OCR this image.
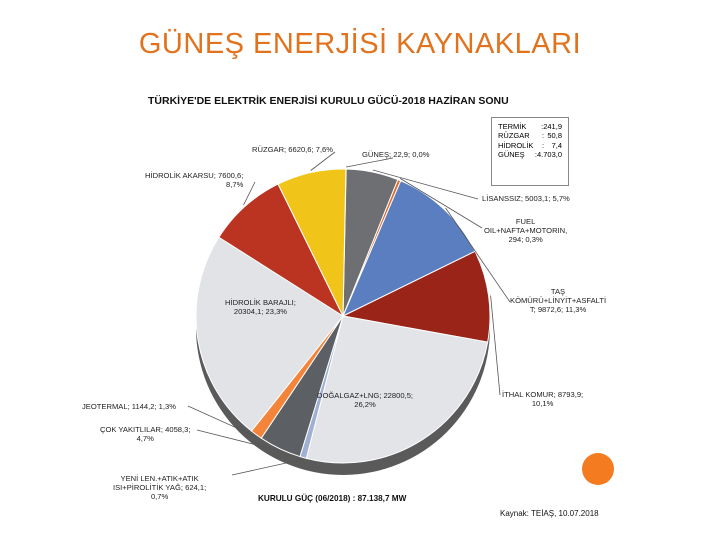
GÜNEŞ ENERJİSİ KAYNAKLARI
TÜRKİYE'DE ELEKTRİK ENERJİSİ KURULU GÜCÜ-2018 HAZİRAN SONU
GÜNEŞ; 22,9; 0,0%
LİSANSSIZ; 5003,1; 5,7%
FUEL
OIL+NAFTA+MOTORIN,
294; 0,3%
TAŞ
KÖMÜRÜ+LİNYİT+ASFALTİ
T; 9872,6; 11,3%
İTHAL KOMUR; 8793,9;
10,1%
DOĞALGAZ+LNG; 22800,5;
26,2%
YENİ LEN.+ATIK+ATIK
ISI+PİROLİTİK YAĞ; 624,1;
0,7%
ÇOK YAKITLILAR; 4058,3;
4,7%
JEOTERMAL; 1144,2; 1,3%
HİDROLİK BARAJLI;
20304,1; 23,3%
HİDROLİK AKARSU; 7600,6;
8,7%
RÜZGAR; 6620,6; 7,6%
TERMİK	: 241,9
RÜZGAR	: 50,8
HİDROLİK	: 7,4
GÜNEŞ	: 4.703,0
KURULU GÜÇ (06/2018) : 87.138,7 MW
Kaynak: TEİAŞ, 10.07.2018
